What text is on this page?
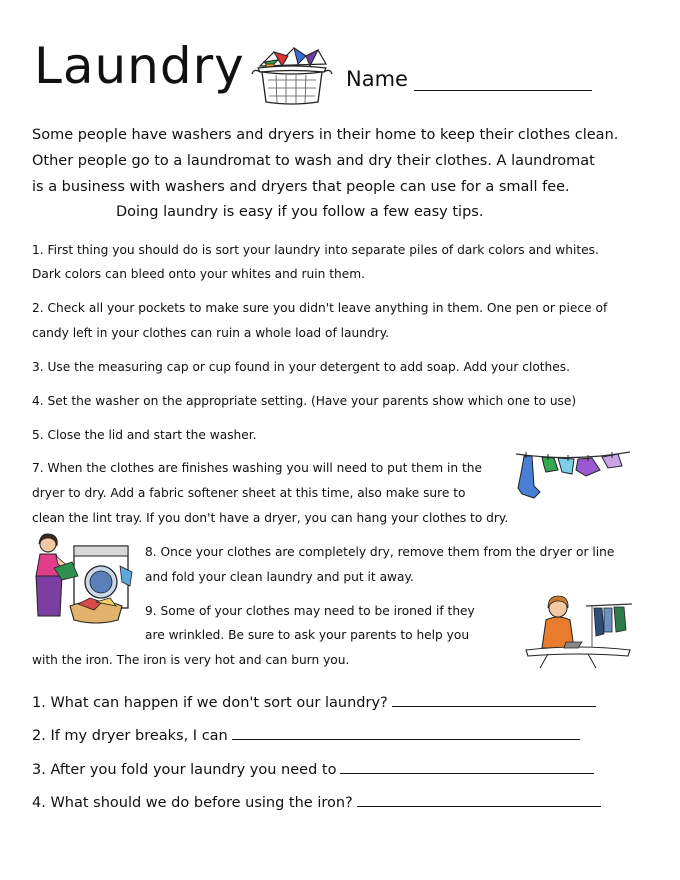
Laundry	Name
Some people have washers and dryers in their home to keep their clothes clean.
Other people go to a laundromat to wash and dry their clothes. A laundromat
is a business with washers and dryers that people can use for a small fee.
Doing laundry is easy if you follow a few easy tips.
1. First thing you should do is sort your laundry into separate piles of dark colors and whites.
Dark colors can bleed onto your whites and ruin them.
2. Check all your pockets to make sure you didn't leave anything in them. One pen or piece of
candy left in your clothes can ruin a whole load of laundry.
3. Use the measuring cap or cup found in your detergent to add soap. Add your clothes.
4. Set the washer on the appropriate setting. (Have your parents show which one to use)
5. Close the lid and start the washer.
7. When the clothes are finishes washing you will need to put them in the
dryer to dry. Add a fabric softener sheet at this time, also make sure to
clean the lint tray. If you don't have a dryer, you can hang your clothes to dry.
8. Once your clothes are completely dry, remove them from the dryer or line
and fold your clean laundry and put it away.
9. Some of your clothes may need to be ironed if they
are wrinkled. Be sure to ask your parents to help you
with the iron. The iron is very hot and can burn you.
1. What can happen if we don't sort our laundry?
2. If my dryer breaks, I can
3. After you fold your laundry you need to
4. What should we do before using the iron?
